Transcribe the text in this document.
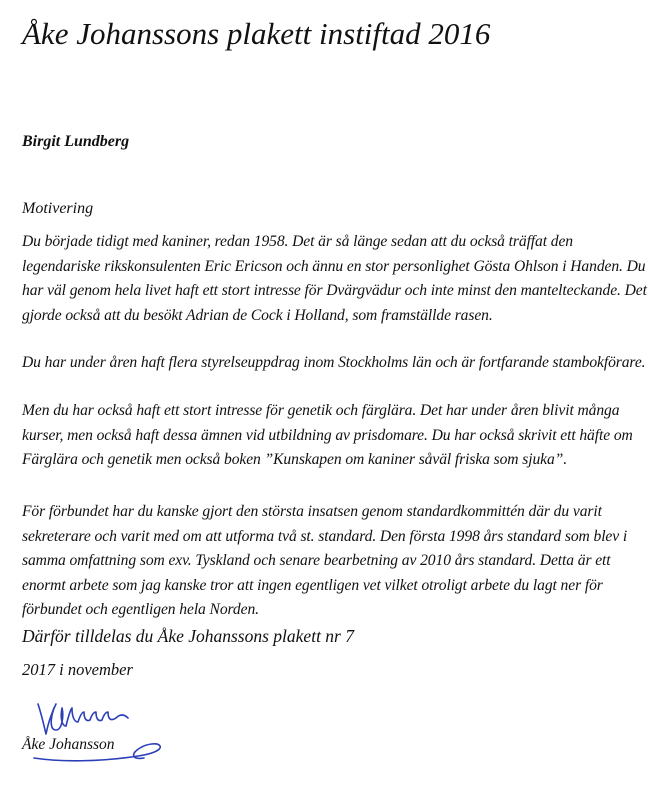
Åke Johanssons plakett instiftad 2016

Birgit Lundberg

Motivering

Du började tidigt med kaniner, redan 1958. Det är så länge sedan att du också träffat den legendariske rikskonsulenten Eric Ericson och ännu en stor personlighet Gösta Ohlson i Handen. Du har väl genom hela livet haft ett stort intresse för Dvärgvädur och inte minst den mantelteckande. Det gjorde också att du besökt Adrian de Cock i Holland, som framställde rasen.

Du har under åren haft flera styrelseuppdrag inom Stockholms län och är fortfarande stambokförare.

Men du har också haft ett stort intresse för genetik och färglära. Det har under åren blivit många kurser, men också haft dessa ämnen vid utbildning av prisdomare. Du har också skrivit ett häfte om Färglära och genetik men också boken ”Kunskapen om kaniner såväl friska som sjuka”.

För förbundet har du kanske gjort den största insatsen genom standardkommittén där du varit sekreterare och varit med om att utforma två st. standard. Den första 1998 års standard som blev i samma omfattning som exv. Tyskland och senare bearbetning av 2010 års standard. Detta är ett enormt arbete som jag kanske tror att ingen egentligen vet vilket otroligt arbete du lagt ner för förbundet och egentligen hela Norden.

Därför tilldelas du Åke Johanssons plakett nr 7

2017 i november

Åke Johansson
